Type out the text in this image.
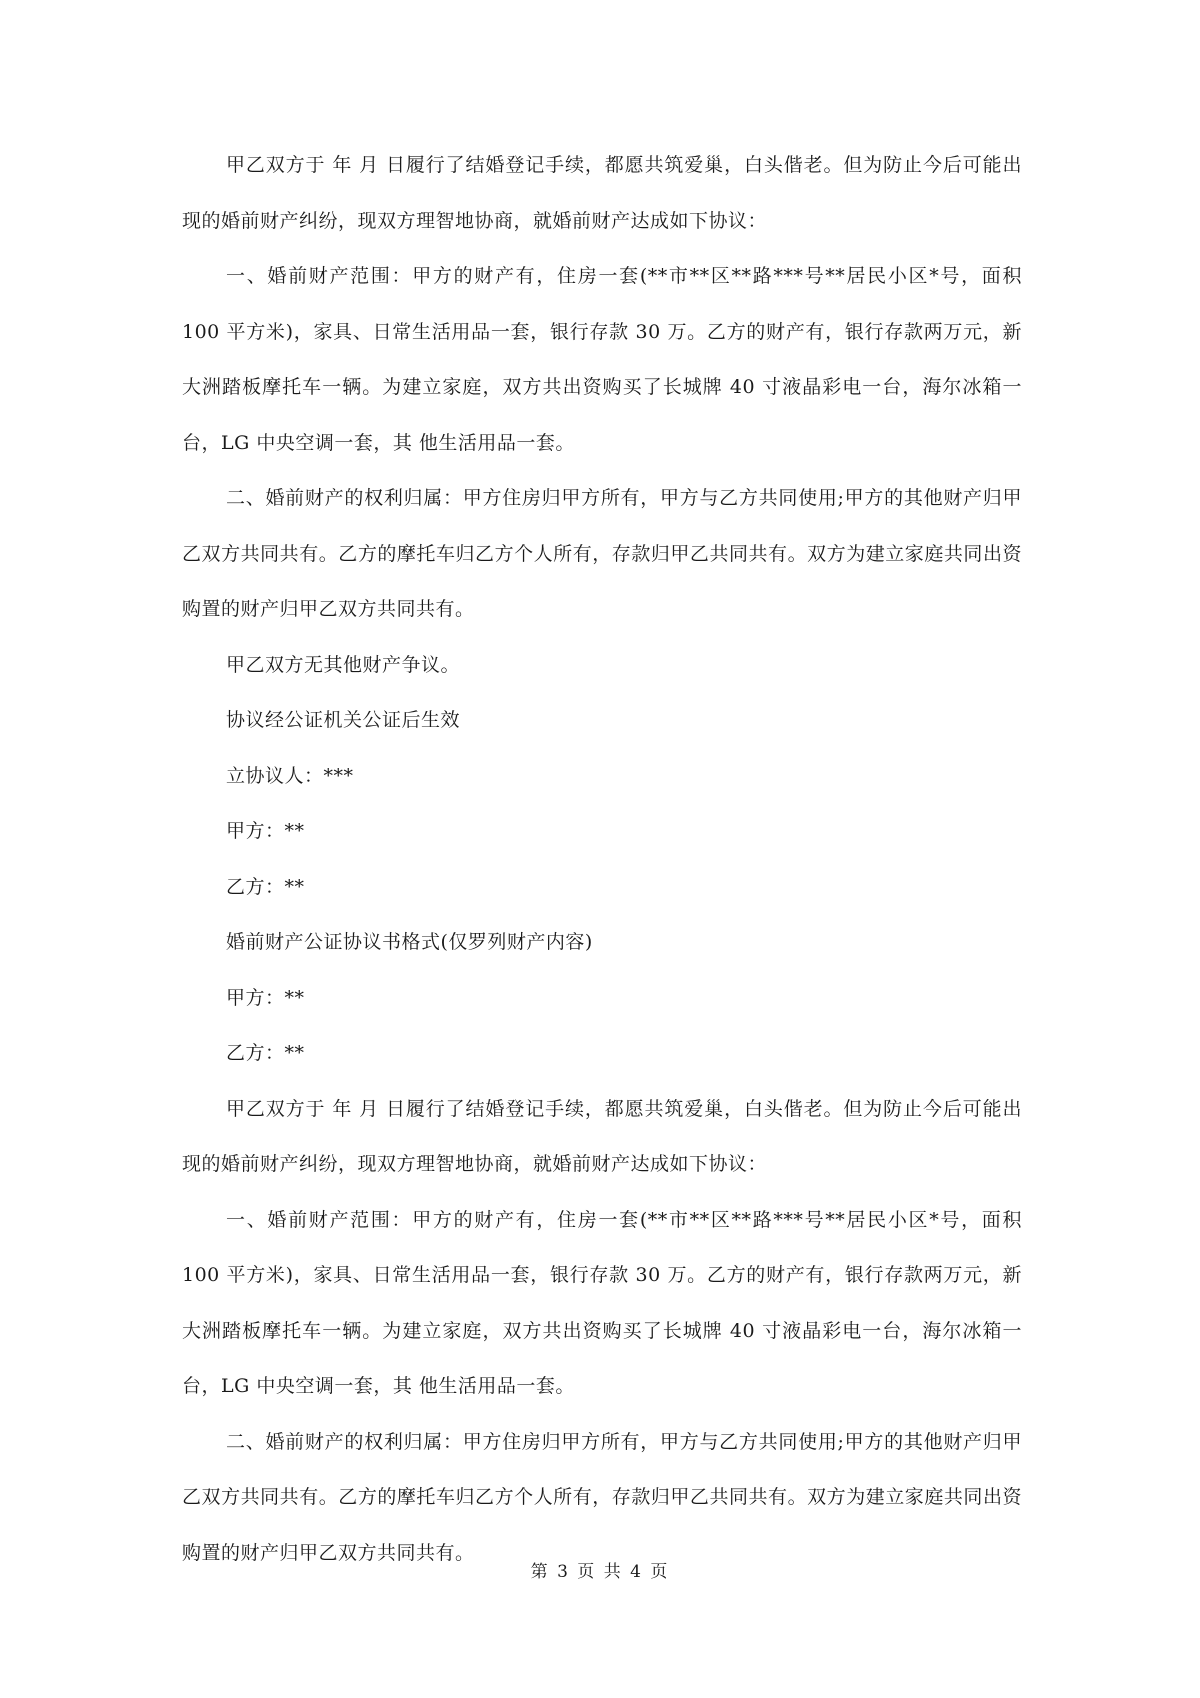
甲乙双方于 年 月 日履行了结婚登记手续，都愿共筑爱巢，白头偕老。但为防止今后可能出现的婚前财产纠纷，现双方理智地协商，就婚前财产达成如下协议：

一、婚前财产范围：甲方的财产有，住房一套(**市**区**路***号**居民小区*号，面积 100 平方米)，家具、日常生活用品一套，银行存款 30 万。乙方的财产有，银行存款两万元，新大洲踏板摩托车一辆。为建立家庭，双方共出资购买了长城牌 40 寸液晶彩电一台，海尔冰箱一台，LG 中央空调一套，其 他生活用品一套。

二、婚前财产的权利归属：甲方住房归甲方所有，甲方与乙方共同使用;甲方的其他财产归甲乙双方共同共有。乙方的摩托车归乙方个人所有，存款归甲乙共同共有。双方为建立家庭共同出资购置的财产归甲乙双方共同共有。

甲乙双方无其他财产争议。

协议经公证机关公证后生效

立协议人：***

甲方：**

乙方：**

婚前财产公证协议书格式(仅罗列财产内容)

甲方：**

乙方：**

甲乙双方于 年 月 日履行了结婚登记手续，都愿共筑爱巢，白头偕老。但为防止今后可能出现的婚前财产纠纷，现双方理智地协商，就婚前财产达成如下协议：

一、婚前财产范围：甲方的财产有，住房一套(**市**区**路***号**居民小区*号，面积 100 平方米)，家具、日常生活用品一套，银行存款 30 万。乙方的财产有，银行存款两万元，新大洲踏板摩托车一辆。为建立家庭，双方共出资购买了长城牌 40 寸液晶彩电一台，海尔冰箱一台，LG 中央空调一套，其 他生活用品一套。

二、婚前财产的权利归属：甲方住房归甲方所有，甲方与乙方共同使用;甲方的其他财产归甲乙双方共同共有。乙方的摩托车归乙方个人所有，存款归甲乙共同共有。双方为建立家庭共同出资购置的财产归甲乙双方共同共有。

第 3 页 共 4 页
